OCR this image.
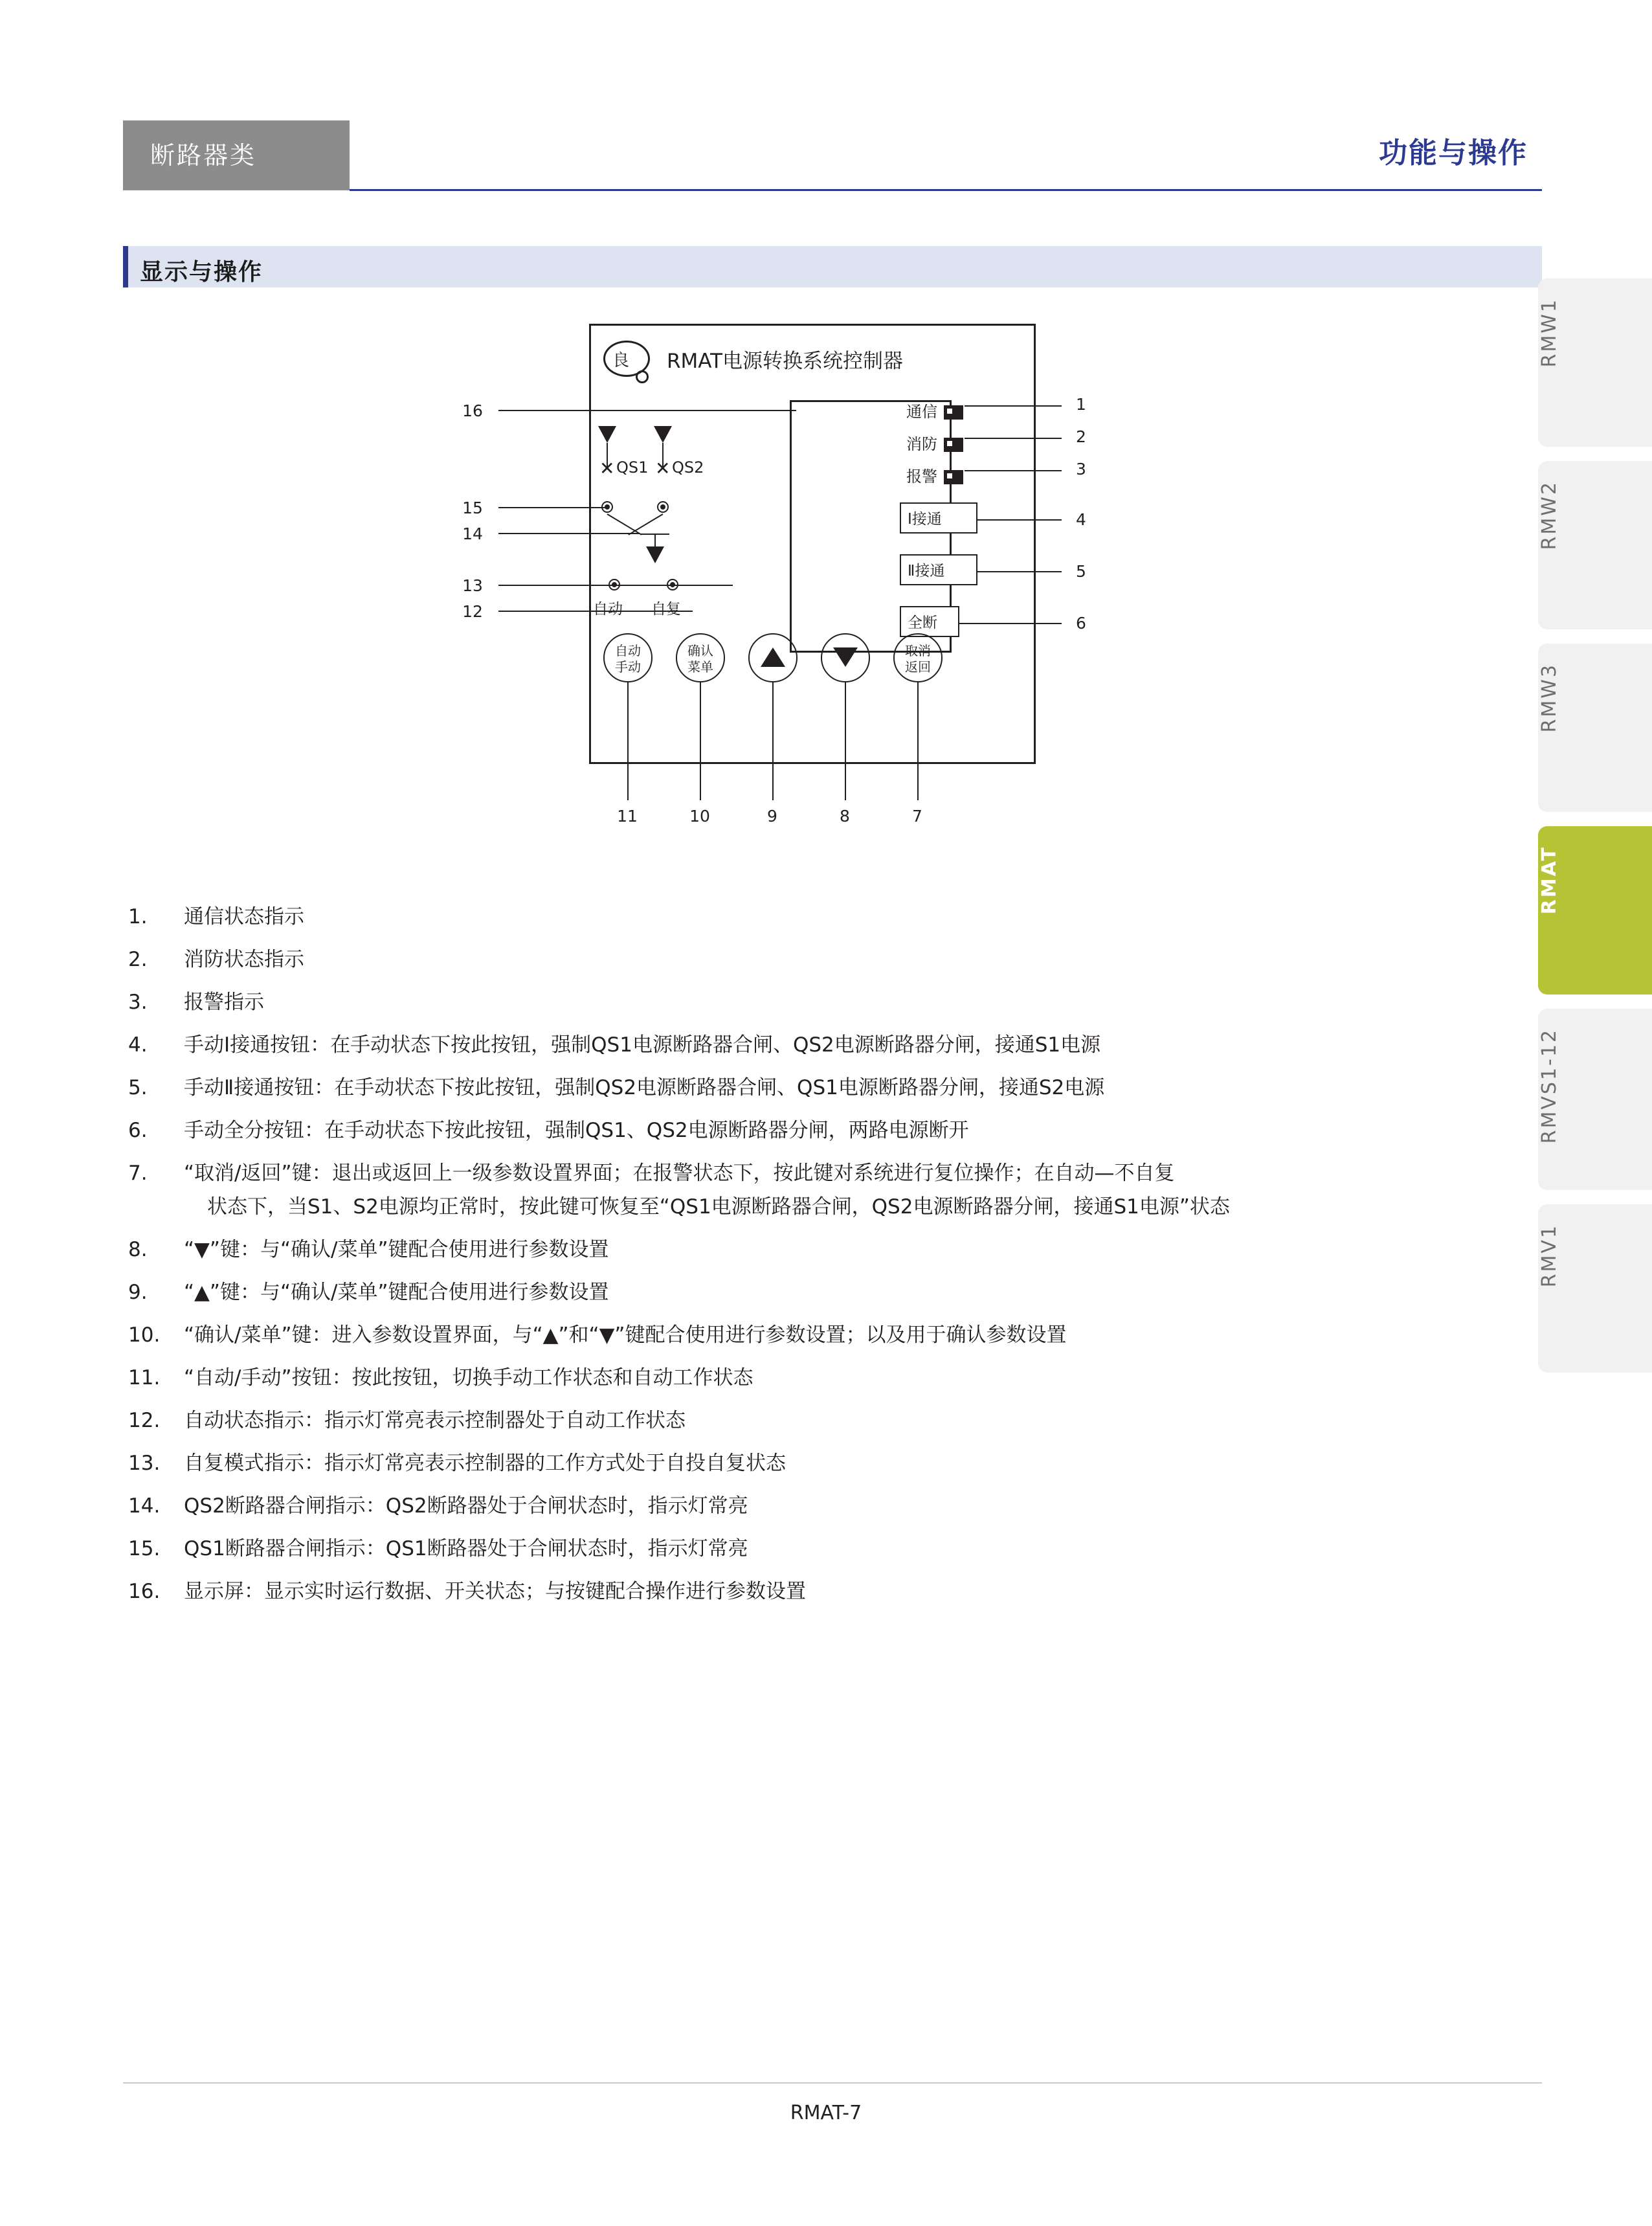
断路器类	功能与操作
显示与操作
RMW1
RMW2
RMW3
RMAT
RMVS1-12
RMV1
良 RMAT电源转换系统控制器
通信	1
消防	2
报警	3
Ⅰ接通	4
Ⅱ接通	5
全断	6
16
15
14
13
12
✕ ✕
QS1 QS2
自动 自复
自动
手动
确认
菜单
取消
返回
11	10	9	8	7
1.	通信状态指示
2.	消防状态指示
3.	报警指示
4.	手动Ⅰ接通按钮：在手动状态下按此按钮，强制QS1电源断路器合闸、QS2电源断路器分闸，接通S1电源
5.	手动Ⅱ接通按钮：在手动状态下按此按钮，强制QS2电源断路器合闸、QS1电源断路器分闸，接通S2电源
6.	手动全分按钮：在手动状态下按此按钮，强制QS1、QS2电源断路器分闸，两路电源断开
7.	“取消/返回”键：退出或返回上一级参数设置界面；在报警状态下，按此键对系统进行复位操作；在自动—不自复
状态下，当S1、S2电源均正常时，按此键可恢复至“QS1电源断路器合闸，QS2电源断路器分闸，接通S1电源”状态
8.	“▼”键：与“确认/菜单”键配合使用进行参数设置
9.	“▲”键：与“确认/菜单”键配合使用进行参数设置
10.	“确认/菜单”键：进入参数设置界面，与“▲”和“▼”键配合使用进行参数设置；以及用于确认参数设置
11.	“自动/手动”按钮：按此按钮，切换手动工作状态和自动工作状态
12.	自动状态指示：指示灯常亮表示控制器处于自动工作状态
13.	自复模式指示：指示灯常亮表示控制器的工作方式处于自投自复状态
14.	QS2断路器合闸指示：QS2断路器处于合闸状态时，指示灯常亮
15.	QS1断路器合闸指示：QS1断路器处于合闸状态时，指示灯常亮
16.	显示屏：显示实时运行数据、开关状态；与按键配合操作进行参数设置
RMAT-7
